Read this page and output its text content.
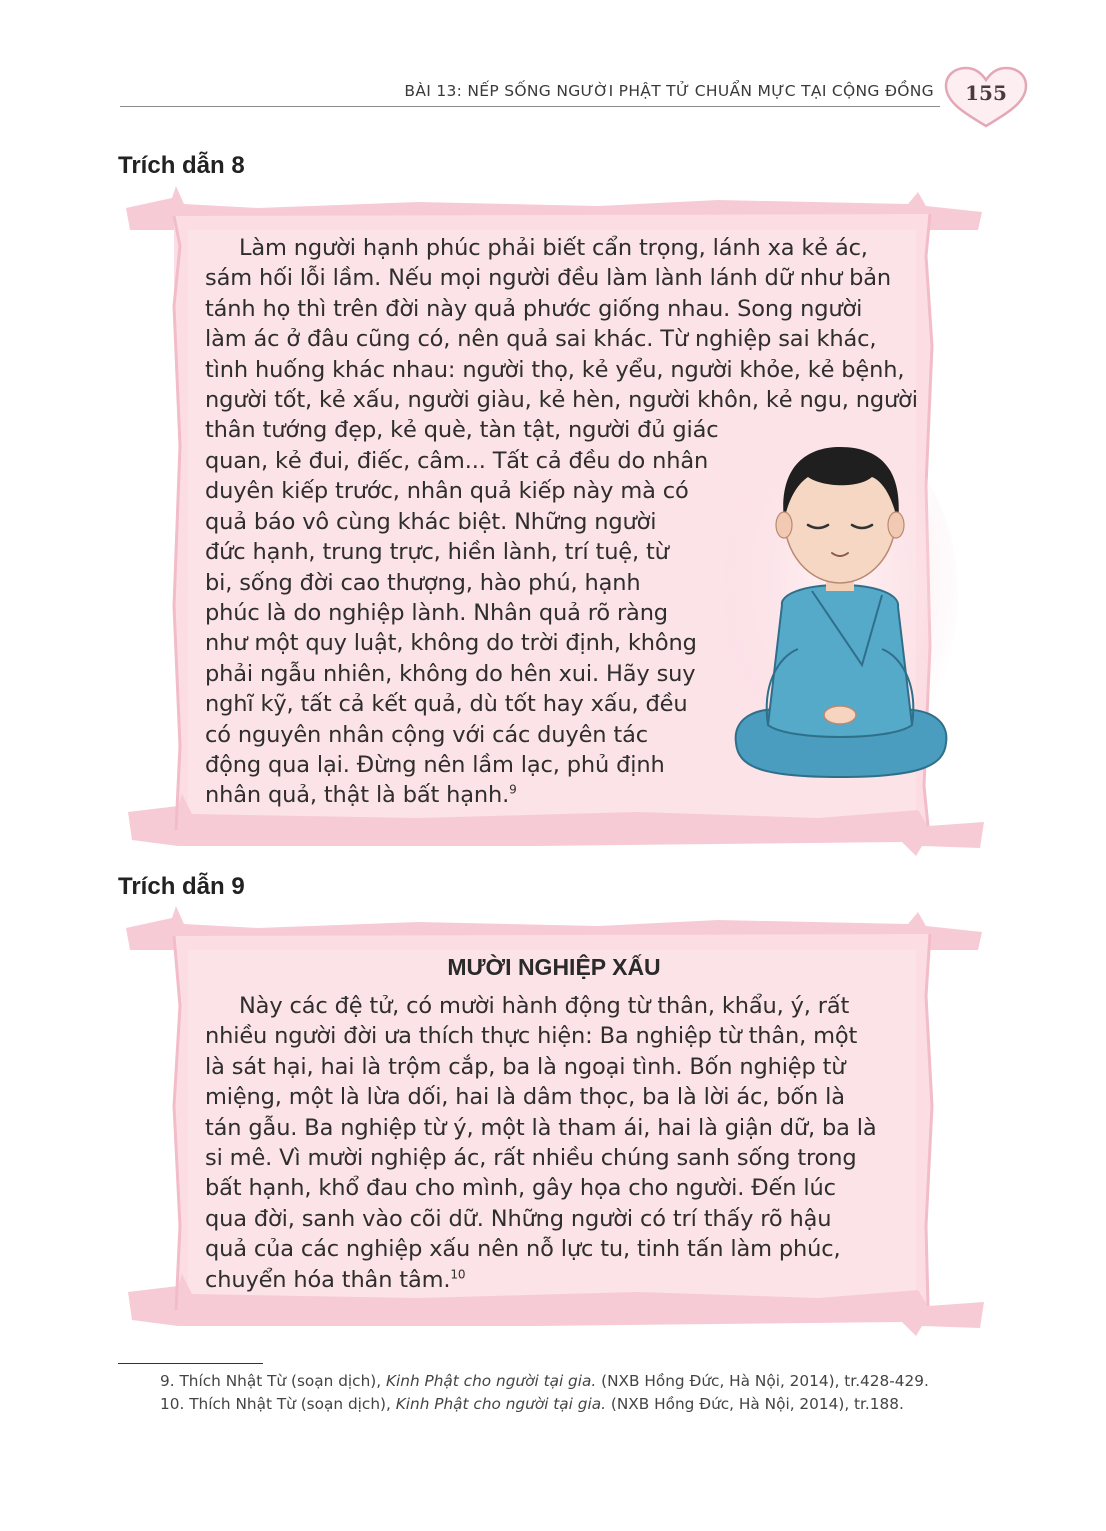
BÀI 13: NẾP SỐNG NGƯỜI PHẬT TỬ CHUẨN MỰC TẠI CỘNG ĐỒNG	155
Trích dẫn 8
Làm người hạnh phúc phải biết cẩn trọng, lánh xa kẻ ác,
sám hối lỗi lầm. Nếu mọi người đều làm lành lánh dữ như bản
tánh họ thì trên đời này quả phước giống nhau. Song người
làm ác ở đâu cũng có, nên quả sai khác. Từ nghiệp sai khác,
tình huống khác nhau: người thọ, kẻ yểu, người khỏe, kẻ bệnh,
người tốt, kẻ xấu, người giàu, kẻ hèn, người khôn, kẻ ngu, người
thân tướng đẹp, kẻ què, tàn tật, người đủ giác
quan, kẻ đui, điếc, câm... Tất cả đều do nhân
duyên kiếp trước, nhân quả kiếp này mà có
quả báo vô cùng khác biệt. Những người
đức hạnh, trung trực, hiền lành, trí tuệ, từ
bi, sống đời cao thượng, hào phú, hạnh
phúc là do nghiệp lành. Nhân quả rõ ràng
như một quy luật, không do trời định, không
phải ngẫu nhiên, không do hên xui. Hãy suy
nghĩ kỹ, tất cả kết quả, dù tốt hay xấu, đều
có nguyên nhân cộng với các duyên tác
động qua lại. Đừng nên lầm lạc, phủ định
nhân quả, thật là bất hạnh.$^9$
Trích dẫn 9
MƯỜI NGHIỆP XẤU
Này các đệ tử, có mười hành động từ thân, khẩu, ý, rất
nhiều người đời ưa thích thực hiện: Ba nghiệp từ thân, một
là sát hại, hai là trộm cắp, ba là ngoại tình. Bốn nghiệp từ
miệng, một là lừa dối, hai là dâm thọc, ba là lời ác, bốn là
tán gẫu. Ba nghiệp từ ý, một là tham ái, hai là giận dữ, ba là
si mê. Vì mười nghiệp ác, rất nhiều chúng sanh sống trong
bất hạnh, khổ đau cho mình, gây họa cho người. Đến lúc
qua đời, sanh vào cõi dữ. Những người có trí thấy rõ hậu
quả của các nghiệp xấu nên nỗ lực tu, tinh tấn làm phúc,
chuyển hóa thân tâm.$^{10}$
9. Thích Nhật Từ (soạn dịch), Kinh Phật cho người tại gia. (NXB Hồng Đức, Hà Nội, 2014), tr.428-429.
10. Thích Nhật Từ (soạn dịch), Kinh Phật cho người tại gia. (NXB Hồng Đức, Hà Nội, 2014), tr.188.
